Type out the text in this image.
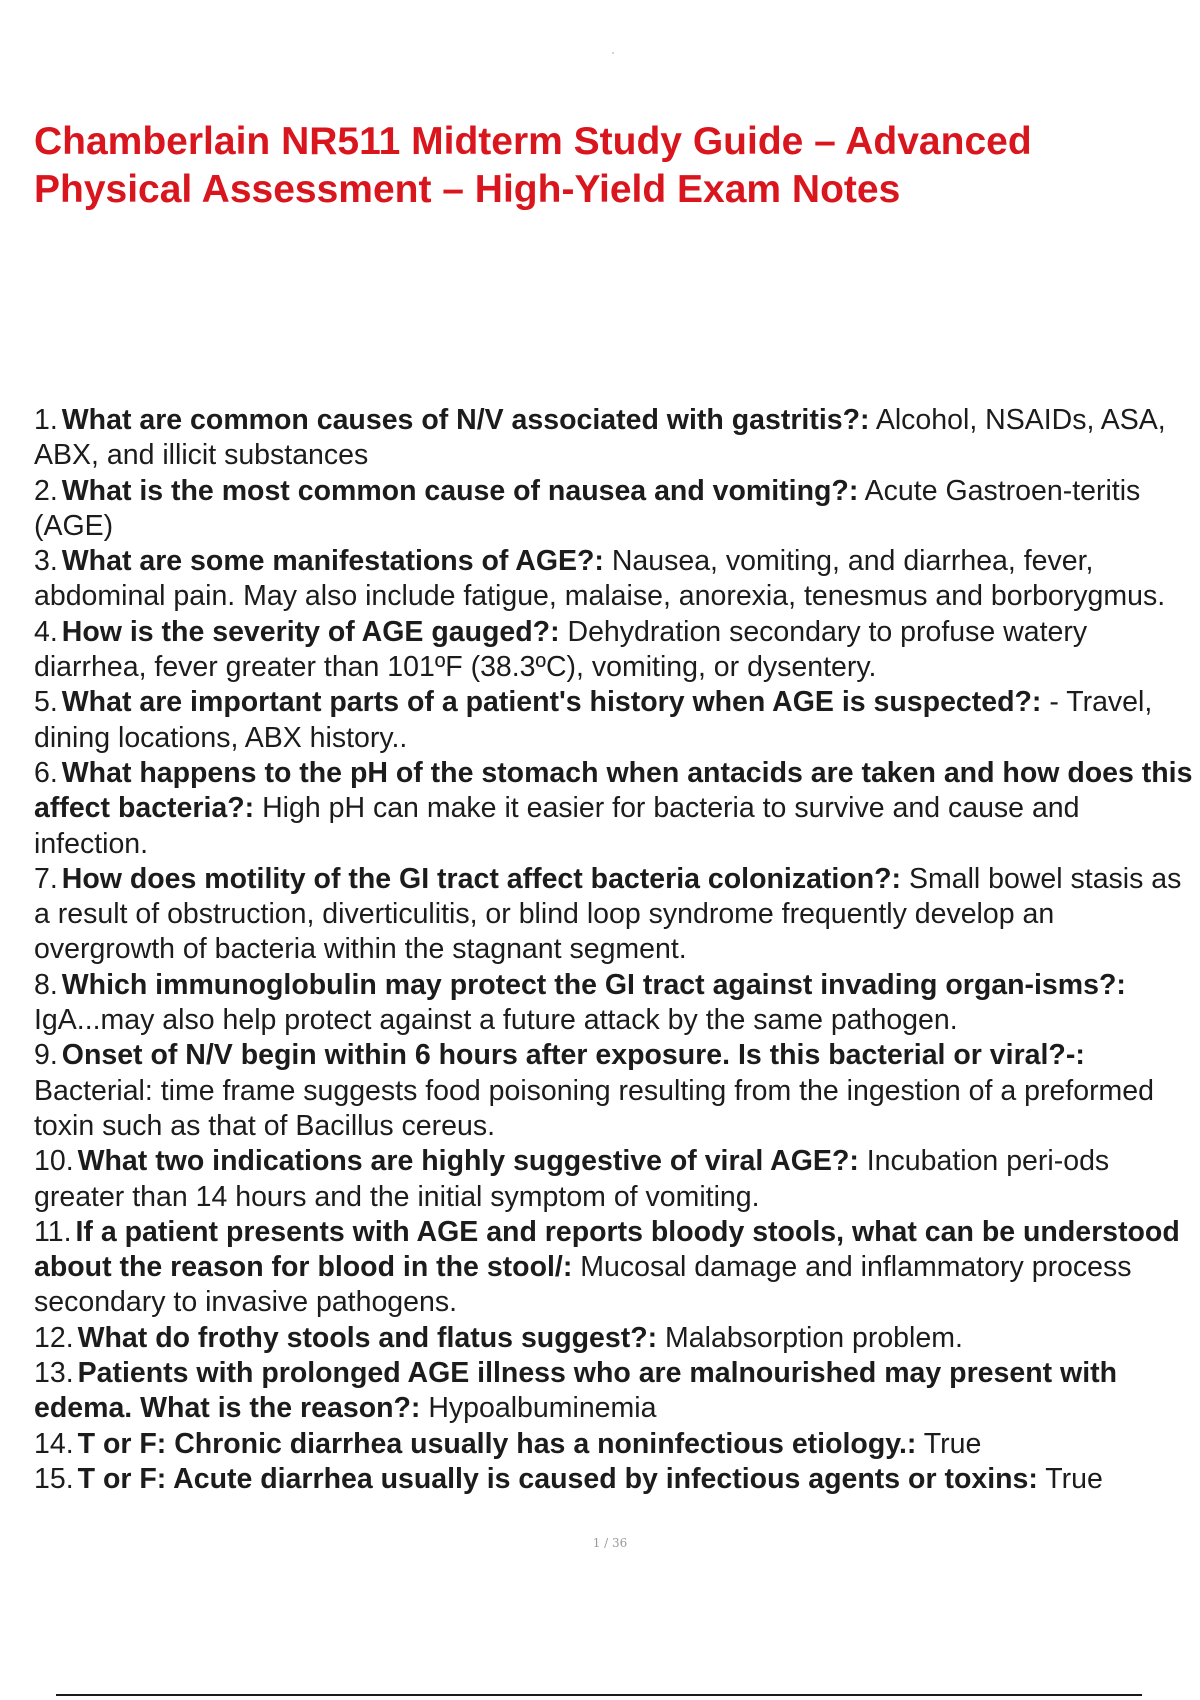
Chamberlain NR511 Midterm Study Guide – Advanced Physical Assessment – High-Yield Exam Notes

1. What are common causes of N/V associated with gastritis?: Alcohol, NSAIDs, ASA, ABX, and illicit substances

2. What is the most common cause of nausea and vomiting?: Acute Gastroen-teritis (AGE)

3. What are some manifestations of AGE?: Nausea, vomiting, and diarrhea, fever, abdominal pain. May also include fatigue, malaise, anorexia, tenesmus and borborygmus.

4. How is the severity of AGE gauged?: Dehydration secondary to profuse watery diarrhea, fever greater than 101ºF (38.3ºC), vomiting, or dysentery.

5. What are important parts of a patient's history when AGE is suspected?: - Travel, dining locations, ABX history..

6. What happens to the pH of the stomach when antacids are taken and how does this affect bacteria?: High pH can make it easier for bacteria to survive and cause and infection.

7. How does motility of the GI tract affect bacteria colonization?: Small bowel stasis as a result of obstruction, diverticulitis, or blind loop syndrome frequently develop an overgrowth of bacteria within the stagnant segment.

8. Which immunoglobulin may protect the GI tract against invading organ-isms?: IgA...may also help protect against a future attack by the same pathogen.

9. Onset of N/V begin within 6 hours after exposure. Is this bacterial or viral?-: Bacterial: time frame suggests food poisoning resulting from the ingestion of a preformed toxin such as that of Bacillus cereus.

10. What two indications are highly suggestive of viral AGE?: Incubation peri-ods greater than 14 hours and the initial symptom of vomiting.

11. If a patient presents with AGE and reports bloody stools, what can be understood about the reason for blood in the stool/: Mucosal damage and inflammatory process secondary to invasive pathogens.

12. What do frothy stools and flatus suggest?: Malabsorption problem.

13. Patients with prolonged AGE illness who are malnourished may present with edema. What is the reason?: Hypoalbuminemia

14. T or F: Chronic diarrhea usually has a noninfectious etiology.: True

15. T or F: Acute diarrhea usually is caused by infectious agents or toxins: True

1 / 36
